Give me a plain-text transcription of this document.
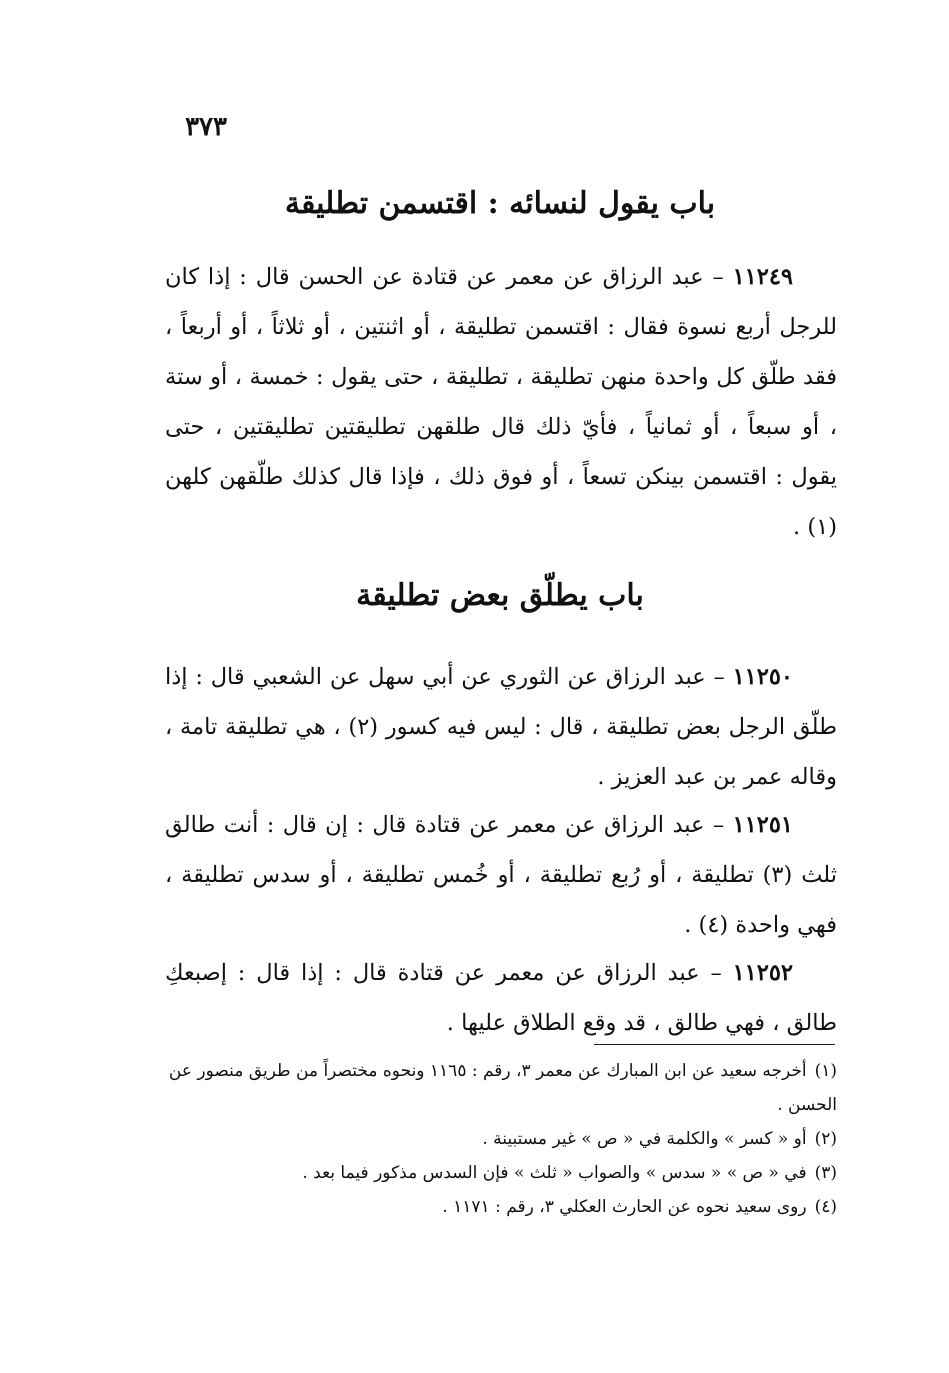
٣٧٣
باب يقول لنسائه : اقتسمن تطليقة

١١٢٤٩ – عبد الرزاق عن معمر عن قتادة عن الحسن قال : إذا كان للرجل أربع نسوة فقال : اقتسمن تطليقة ، أو اثنتين ، أو ثلاثاً ، أو أربعاً ، فقد طلّق كل واحدة منهن تطليقة ، تطليقة ، حتى يقول : خمسة ، أو ستة ، أو سبعاً ، أو ثمانياً ، فأيّ ذلك قال طلقهن تطليقتين تطليقتين ، حتى يقول : اقتسمن بينكن تسعاً ، أو فوق ذلك ، فإذا قال كذلك طلّقهن كلهن (١) .

باب يطلّق بعض تطليقة

١١٢٥٠ – عبد الرزاق عن الثوري عن أبي سهل عن الشعبي قال : إذا طلّق الرجل بعض تطليقة ، قال : ليس فيه كسور (٢) ، هي تطليقة تامة ، وقاله عمر بن عبد العزيز .

١١٢٥١ – عبد الرزاق عن معمر عن قتادة قال : إن قال : أنت طالق ثلث (٣) تطليقة ، أو رُبع تطليقة ، أو خُمس تطليقة ، أو سدس تطليقة ، فهي واحدة (٤) .

١١٢٥٢ – عبد الرزاق عن معمر عن قتادة قال : إذا قال : إصبعكِ طالق ، فهي طالق ، قد وقع الطلاق عليها .

(١)أخرجه سعيد عن ابن المبارك عن معمر ٣، رقم : ١١٦٥ ونحوه مختصراً من طريق منصور عن الحسن .

(٢)أو « كسر » والكلمة في « ص » غير مستبينة .

(٣)في « ص » « سدس » والصواب « ثلث » فإن السدس مذكور فيما بعد .

(٤)روى سعيد نحوه عن الحارث العكلي ٣، رقم : ١١٧١ .
